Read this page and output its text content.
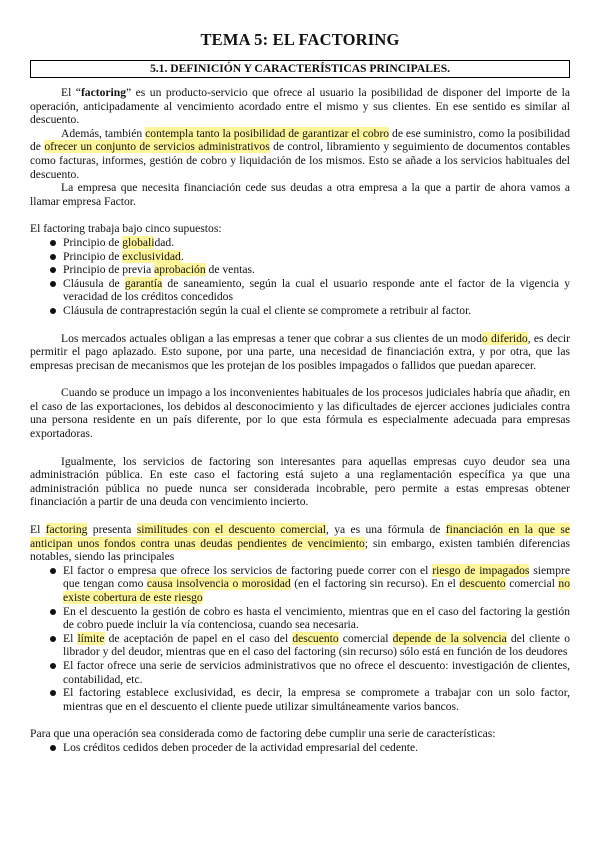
TEMA 5: EL FACTORING
5.1. DEFINICIÓN Y CARACTERÍSTICAS PRINCIPALES.

El “factoring” es un producto-servicio que ofrece al usuario la posibilidad de disponer del importe de la operación, anticipadamente al vencimiento acordado entre el mismo y sus clientes. En ese sentido es similar al descuento.

Además, también contempla tanto la posibilidad de garantizar el cobro de ese suministro, como la posibilidad de ofrecer un conjunto de servicios administrativos de control, libramiento y seguimiento de documentos contables como facturas, informes, gestión de cobro y liquidación de los mismos. Esto se añade a los servicios habituales del descuento.

La empresa que necesita financiación cede sus deudas a otra empresa a la que a partir de ahora vamos a llamar empresa Factor.

El factoring trabaja bajo cinco supuestos:

Principio de globalidad.
Principio de exclusividad.
Principio de previa aprobación de ventas.
Cláusula de garantía de saneamiento, según la cual el usuario responde ante el factor de la vigencia y veracidad de los créditos concedidos
Cláusula de contraprestación según la cual el cliente se compromete a retribuir al factor.

Los mercados actuales obligan a las empresas a tener que cobrar a sus clientes de un modo diferido, es decir permitir el pago aplazado. Esto supone, por una parte, una necesidad de financiación extra, y por otra, que las empresas precisan de mecanismos que les protejan de los posibles impagados o fallidos que puedan aparecer.

Cuando se produce un impago a los inconvenientes habituales de los procesos judiciales habría que añadir, en el caso de las exportaciones, los debidos al desconocimiento y las dificultades de ejercer acciones judiciales contra una persona residente en un país diferente, por lo que esta fórmula es especialmente adecuada para empresas exportadoras.

Igualmente, los servicios de factoring son interesantes para aquellas empresas cuyo deudor sea una administración pública. En este caso el factoring está sujeto a una reglamentación específica ya que una administración pública no puede nunca ser considerada incobrable, pero permite a estas empresas obtener financiación a partir de una deuda con vencimiento incierto.

El factoring presenta similitudes con el descuento comercial, ya es una fórmula de financiación en la que se anticipan unos fondos contra unas deudas pendientes de vencimiento; sin embargo, existen también diferencias notables, siendo las principales

El factor o empresa que ofrece los servicios de factoring puede correr con el riesgo de impagados siempre que tengan como causa insolvencia o morosidad (en el factoring sin recurso). En el descuento comercial no existe cobertura de este riesgo
En el descuento la gestión de cobro es hasta el vencimiento, mientras que en el caso del factoring la gestión de cobro puede incluir la vía contenciosa, cuando sea necesaria.
El límite de aceptación de papel en el caso del descuento comercial depende de la solvencia del cliente o librador y del deudor, mientras que en el caso del factoring (sin recurso) sólo está en función de los deudores
El factor ofrece una serie de servicios administrativos que no ofrece el descuento: investigación de clientes, contabilidad, etc.
El factoring establece exclusividad, es decir, la empresa se compromete a trabajar con un solo factor, mientras que en el descuento el cliente puede utilizar simultáneamente varios bancos.

Para que una operación sea considerada como de factoring debe cumplir una serie de características:

Los créditos cedidos deben proceder de la actividad empresarial del cedente.
